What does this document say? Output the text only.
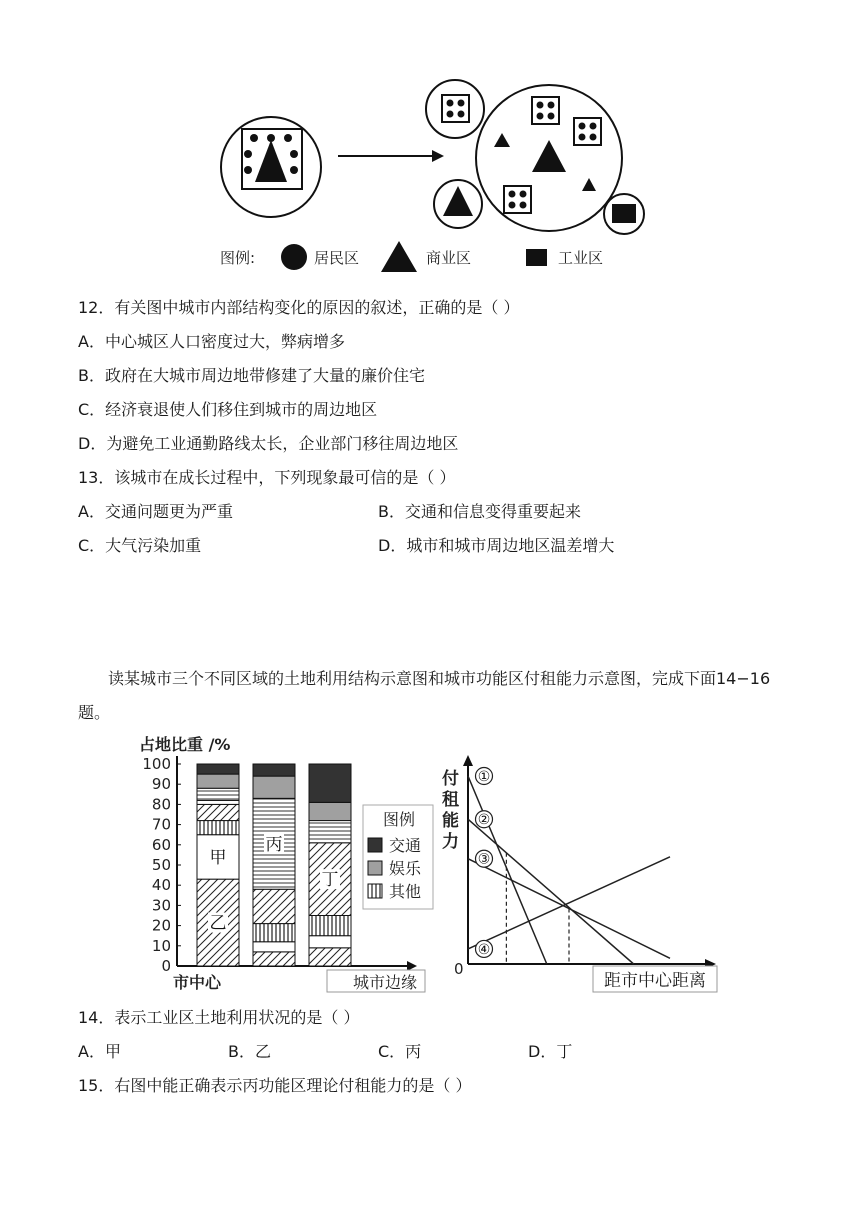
图例:	居民区	商业区	工业区
12．有关图中城市内部结构变化的原因的叙述，正确的是（ ）
A．中心城区人口密度过大，弊病增多
B．政府在大城市周边地带修建了大量的廉价住宅
C．经济衰退使人们移住到城市的周边地区
D．为避免工业通勤路线太长，企业部门移往周边地区
13．该城市在成长过程中，下列现象最可信的是（ ）
A．交通问题更为严重	B．交通和信息变得重要起来
C．大气污染加重	D．城市和城市周边地区温差增大
读某城市三个不同区域的土地利用结构示意图和城市功能区付租能力示意图，完成下面14−16 题。
占地比重 /%
0
10
20
30
40
50
60
70
80
90
100
乙
甲
丙
丁
市中心	城市边缘
图例
交通
娱乐
其他
付租能力
0
①
②
③
④
距市中心距离
14．表示工业区土地利用状况的是（ ）
A．甲	B．乙	C．丙	D．丁
15．右图中能正确表示丙功能区理论付租能力的是（ ）
